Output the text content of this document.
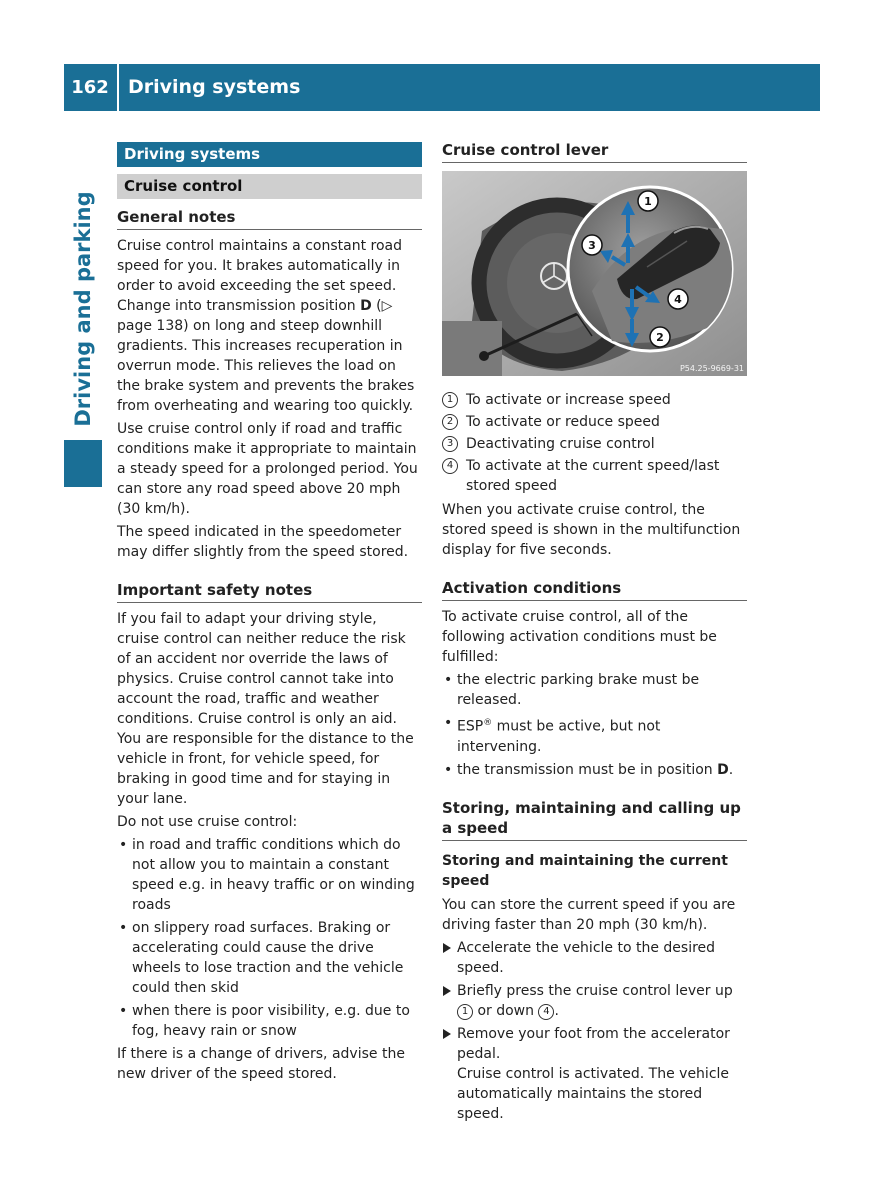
162	Driving systems
Driving and parking
Driving systems
Cruise control
General notes

Cruise control maintains a constant road speed for you. It brakes automatically in order to avoid exceeding the set speed. Change into transmission position D (▷ page 138) on long and steep downhill gradients. This increases recuperation in overrun mode. This relieves the load on the brake system and prevents the brakes from overheating and wearing too quickly.

Use cruise control only if road and traffic conditions make it appropriate to maintain a steady speed for a prolonged period. You can store any road speed above 20 mph (30 km/h).

The speed indicated in the speedometer may differ slightly from the speed stored.

Important safety notes

If you fail to adapt your driving style, cruise control can neither reduce the risk of an accident nor override the laws of physics. Cruise control cannot take into account the road, traffic and weather conditions. Cruise control is only an aid. You are responsible for the distance to the vehicle in front, for vehicle speed, for braking in good time and for staying in your lane.

Do not use cruise control:

• in road and traffic conditions which do not allow you to maintain a constant speed e.g. in heavy traffic or on winding roads
• on slippery road surfaces. Braking or accelerating could cause the drive wheels to lose traction and the vehicle could then skid
• when there is poor visibility, e.g. due to fog, heavy rain or snow

If there is a change of drivers, advise the new driver of the speed stored.

Cruise control lever
1
2
3
4
P54.25-9669-31
1 To activate or increase speed
2 To activate or reduce speed
3 Deactivating cruise control
4 To activate at the current speed/last stored speed

When you activate cruise control, the stored speed is shown in the multifunction display for five seconds.

Activation conditions

To activate cruise control, all of the following activation conditions must be fulfilled:

• the electric parking brake must be released.
• ESP® must be active, but not intervening.
• the transmission must be in position D.
Storing, maintaining and calling up a speed
Storing and maintaining the current speed

You can store the current speed if you are driving faster than 20 mph (30 km/h).

Accelerate the vehicle to the desired speed.
Briefly press the cruise control lever up 1 or down 4 .
Remove your foot from the accelerator pedal.
Cruise control is activated. The vehicle automatically maintains the stored speed.
